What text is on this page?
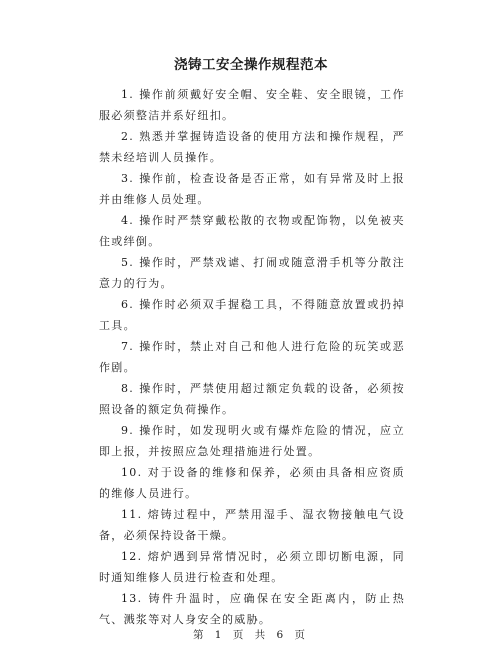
浇铸工安全操作规程范本

1. 操作前须戴好安全帽、安全鞋、安全眼镜，工作服必须整洁并系好纽扣。

2. 熟悉并掌握铸造设备的使用方法和操作规程，严禁未经培训人员操作。

3. 操作前，检查设备是否正常，如有异常及时上报并由维修人员处理。

4. 操作时严禁穿戴松散的衣物或配饰物，以免被夹住或绊倒。

5. 操作时，严禁戏谑、打闹或随意滑手机等分散注意力的行为。

6. 操作时必须双手握稳工具，不得随意放置或扔掉工具。

7. 操作时，禁止对自己和他人进行危险的玩笑或恶作剧。

8. 操作时，严禁使用超过额定负载的设备，必须按照设备的额定负荷操作。

9. 操作时，如发现明火或有爆炸危险的情况，应立即上报，并按照应急处理措施进行处置。

10. 对于设备的维修和保养，必须由具备相应资质的维修人员进行。

11. 熔铸过程中，严禁用湿手、湿衣物接触电气设备，必须保持设备干燥。

12. 熔炉遇到异常情况时，必须立即切断电源，同时通知维修人员进行检查和处理。

13. 铸件升温时，应确保在安全距离内，防止热气、溅浆等对人身安全的威胁。

第 1 页 共 6 页
